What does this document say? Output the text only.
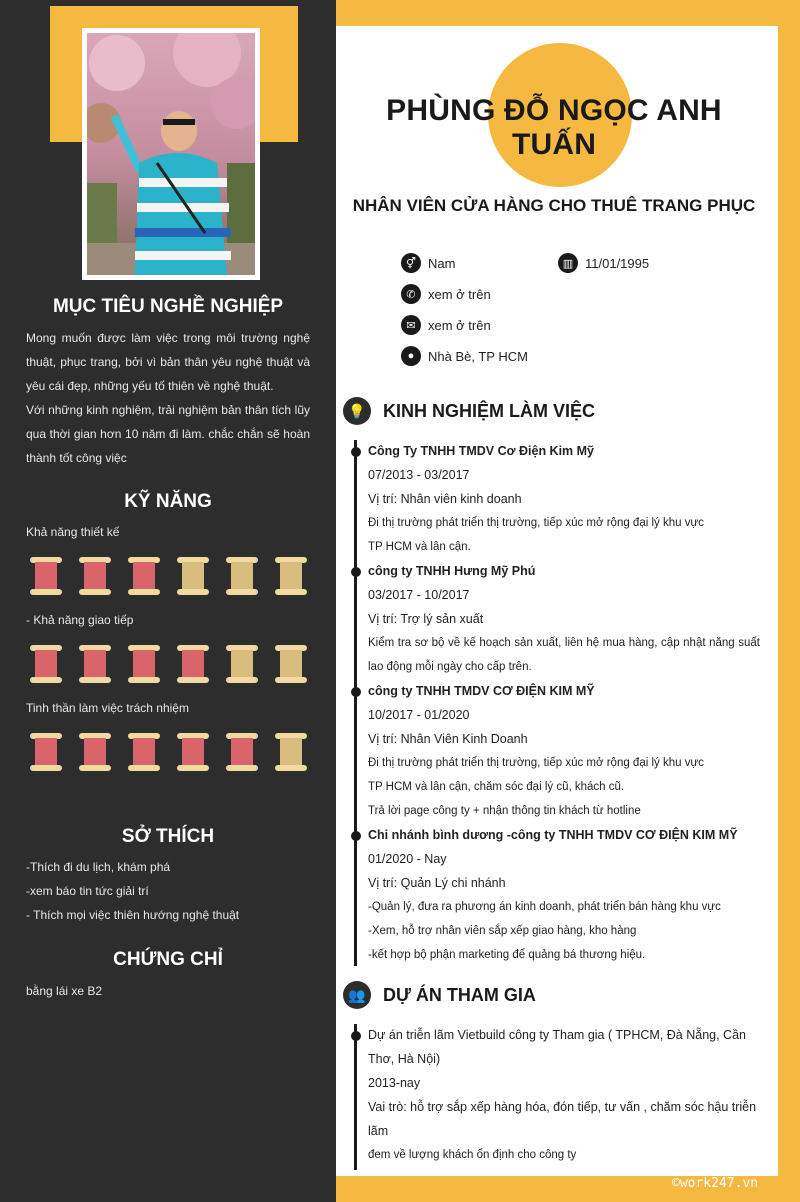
MỤC TIÊU NGHỀ NGHIỆP
Mong muốn được làm việc trong môi trường nghệ thuật, phục trang, bởi vì bản thân yêu nghệ thuật và yêu cái đẹp, những yếu tố thiên về nghệ thuật.
Với những kinh nghiệm, trải nghiệm bản thân tích lũy qua thời gian hơn 10 năm đi làm. chắc chắn sẽ hoàn thành tốt công việc
KỸ NĂNG
Khả năng thiết kế
- Khả năng giao tiếp
Tinh thần làm việc trách nhiệm
SỞ THÍCH
-Thích đi du lịch, khám phá
-xem báo tin tức giải trí
- Thích mọi việc thiên hướng nghệ thuật
CHỨNG CHỈ
bằng lái xe B2
PHÙNG ĐỖ NGỌC ANH TUẤN
NHÂN VIÊN CỬA HÀNG CHO THUÊ TRANG PHỤC
⚥ Nam	▥ 11/01/1995
✆ xem ở trên
✉ xem ở trên
●	Nhà Bè, TP HCM
💡 KINH NGHIỆM LÀM VIỆC
Công Ty TNHH TMDV Cơ Điện Kim Mỹ
07/2013 - 03/2017
Vị trí: Nhân viên kinh doanh
Đi thị trường phát triển thị trường, tiếp xúc mở rộng đại lý khu vực
TP HCM và lân cận.
công ty TNHH Hưng Mỹ Phú
03/2017 - 10/2017
Vị trí: Trợ lý sản xuất
Kiểm tra sơ bộ về kế hoạch sản xuất, liên hệ mua hàng, cập nhật năng suất lao động mỗi ngày cho cấp trên.
công ty TNHH TMDV CƠ ĐIỆN KIM MỸ
10/2017 - 01/2020
Vị trí: Nhân Viên Kinh Doanh
Đi thị trường phát triển thị trường, tiếp xúc mở rộng đại lý khu vực
TP HCM và lân cận, chăm sóc đại lý cũ, khách cũ.
Trả lời page công ty + nhận thông tin khách từ hotline
Chi nhánh bình dương -công ty TNHH TMDV CƠ ĐIỆN KIM MỸ
01/2020 - Nay
Vị trí: Quản Lý chi nhánh
-Quản lý, đưa ra phương án kinh doanh, phát triển bán hàng khu vực
-Xem, hỗ trợ nhân viên sắp xếp giao hàng, kho hàng
-kết hợp bộ phận marketing để quảng bá thương hiệu.
👥 DỰ ÁN THAM GIA
Dự án triễn lãm Vietbuild công ty Tham gia ( TPHCM, Đà Nẵng, Cần Thơ, Hà Nội)
2013-nay
Vai trò: hỗ trợ sắp xếp hàng hóa, đón tiếp, tư vấn , chăm sóc hậu triễn lãm
đem về lượng khách ổn định cho công ty
©work247.vn
